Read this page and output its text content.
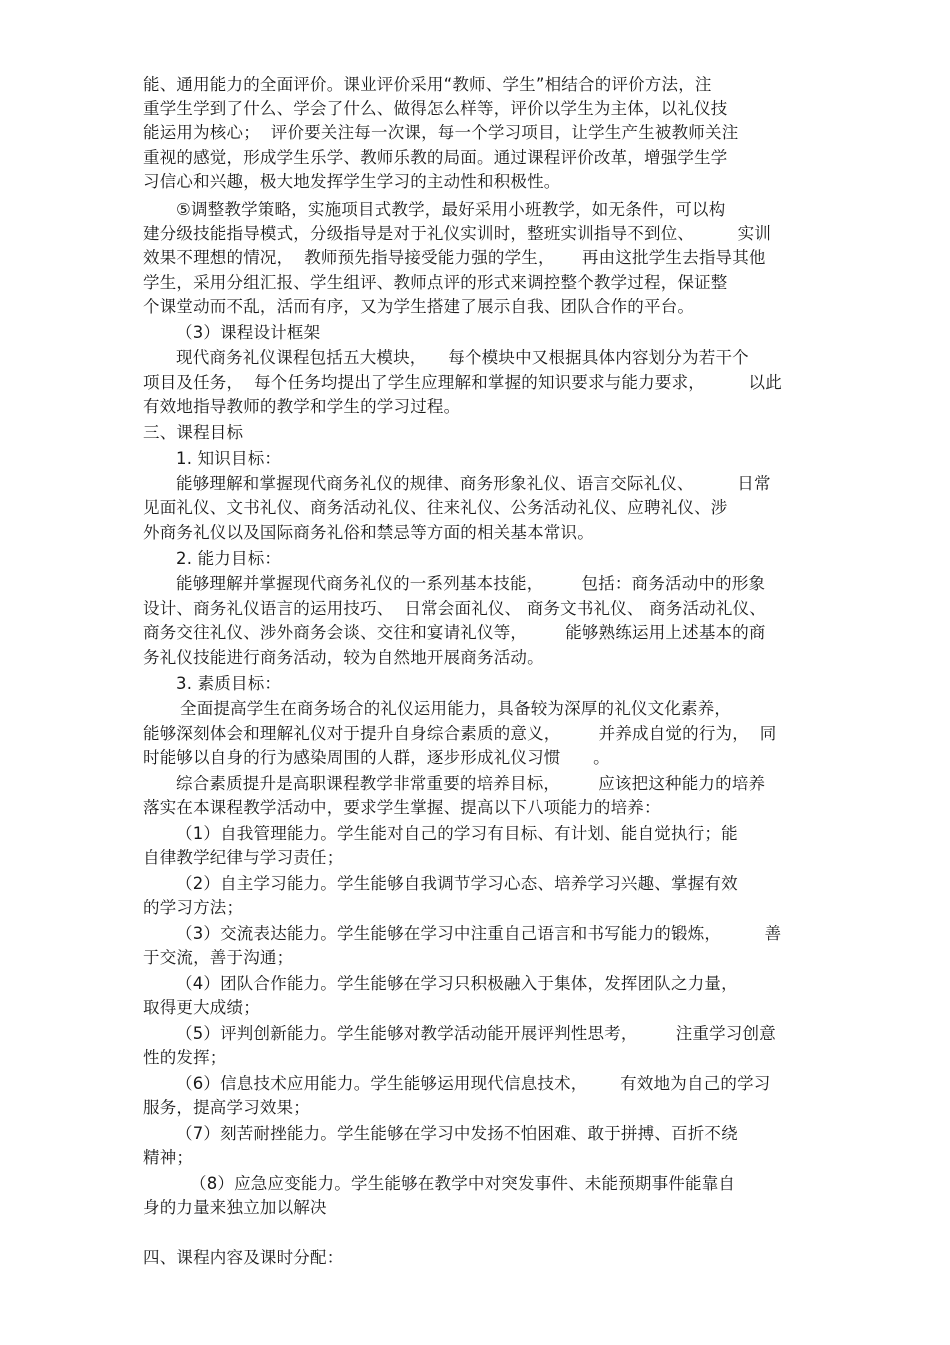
能、通用能力的全面评价。课业评价采用“教师、学生”相结合的评价方法，注
重学生学到了什么、学会了什么、做得怎么样等，评价以学生为主体，以礼仪技
能运用为核心；  评价要关注每一次课，每一个学习项目，让学生产生被教师关注
重视的感觉，形成学生乐学、教师乐教的局面。通过课程评价改革，增强学生学
习信心和兴趣，极大地发挥学生学习的主动性和积极性。
⑤调整教学策略，实施项目式教学，最好采用小班教学，如无条件，可以构
建分级技能指导模式，分级指导是对于礼仪实训时，整班实训指导不到位、        实训
效果不理想的情况，  教师预先指导接受能力强的学生，     再由这批学生去指导其他
学生，采用分组汇报、学生组评、教师点评的形式来调控整个教学过程，保证整
个课堂动而不乱，活而有序，又为学生搭建了展示自我、团队合作的平台。
（3）课程设计框架
现代商务礼仪课程包括五大模块，    每个模块中又根据具体内容划分为若干个
项目及任务，  每个任务均提出了学生应理解和掌握的知识要求与能力要求，        以此
有效地指导教师的教学和学生的学习过程。
三、课程目标
1. 知识目标：
能够理解和掌握现代商务礼仪的规律、商务形象礼仪、语言交际礼仪、        日常
见面礼仪、文书礼仪、商务活动礼仪、往来礼仪、公务活动礼仪、应聘礼仪、涉
外商务礼仪以及国际商务礼俗和禁忌等方面的相关基本常识。
2. 能力目标：
能够理解并掌握现代商务礼仪的一系列基本技能，       包括：商务活动中的形象
设计、商务礼仪语言的运用技巧、  日常会面礼仪、 商务文书礼仪、 商务活动礼仪、
商务交往礼仪、涉外商务会谈、交往和宴请礼仪等，       能够熟练运用上述基本的商
务礼仪技能进行商务活动，较为自然地开展商务活动。
3. 素质目标：
全面提高学生在商务场合的礼仪运用能力，具备较为深厚的礼仪文化素养，
能够深刻体会和理解礼仪对于提升自身综合素质的意义，       并养成自觉的行为，  同
时能够以自身的行为感染周围的人群，逐步形成礼仪习惯      。
综合素质提升是高职课程教学非常重要的培养目标，       应该把这种能力的培养
落实在本课程教学活动中，要求学生掌握、提高以下八项能力的培养：
（1）自我管理能力。学生能对自己的学习有目标、有计划、能自觉执行；能
自律教学纪律与学习责任；
（2）自主学习能力。学生能够自我调节学习心态、培养学习兴趣、掌握有效
的学习方法；
（3）交流表达能力。学生能够在学习中注重自己语言和书写能力的锻炼，        善
于交流，善于沟通；
（4）团队合作能力。学生能够在学习只积极融入于集体，发挥团队之力量，
取得更大成绩；
（5）评判创新能力。学生能够对教学活动能开展评判性思考，       注重学习创意
性的发挥；
（6）信息技术应用能力。学生能够运用现代信息技术，      有效地为自己的学习
服务，提高学习效果；
（7）刻苦耐挫能力。学生能够在学习中发扬不怕困难、敢于拼搏、百折不绕
精神；
（8）应急应变能力。学生能够在教学中对突发事件、未能预期事件能靠自
身的力量来独立加以解决
四、课程内容及课时分配：
